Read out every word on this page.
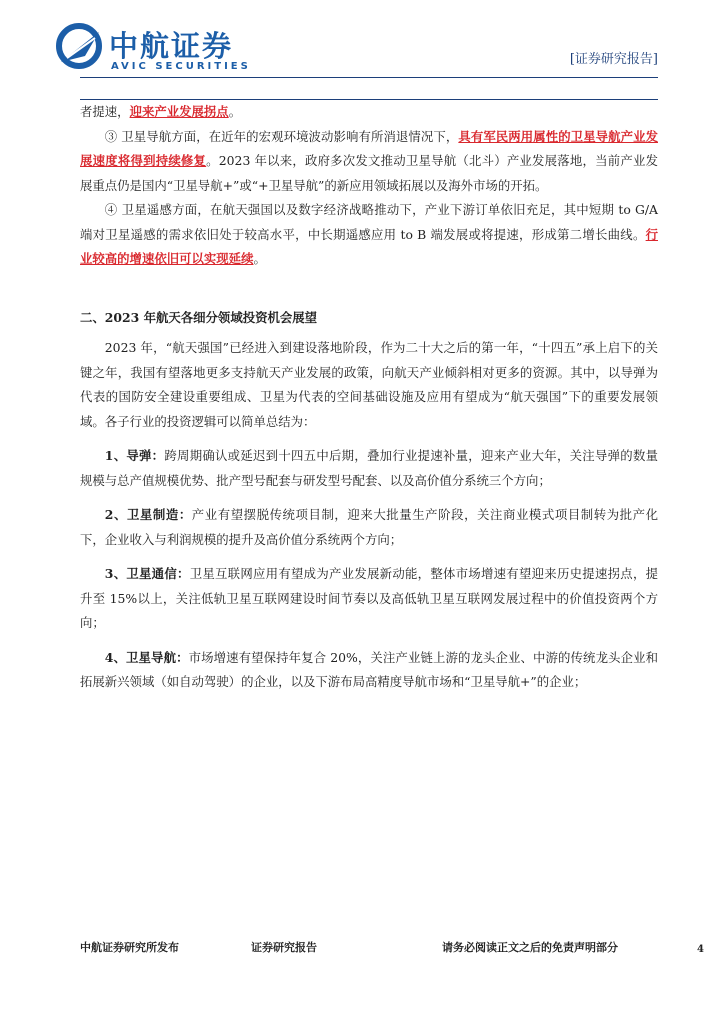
中航证券
AVIC SECURITIES	[证券研究报告]

者提速，迎来产业发展拐点。

③ 卫星导航方面，在近年的宏观环境波动影响有所消退情况下，具有军民两用属性的卫星导航产业发展速度将得到持续修复。2023 年以来，政府多次发文推动卫星导航（北斗）产业发展落地，当前产业发展重点仍是国内“卫星导航+”或“+卫星导航”的新应用领域拓展以及海外市场的开拓。

④ 卫星遥感方面，在航天强国以及数字经济战略推动下，产业下游订单依旧充足，其中短期 to G/A 端对卫星遥感的需求依旧处于较高水平，中长期遥感应用 to B 端发展或将提速，形成第二增长曲线。行业较高的增速依旧可以实现延续。

二、2023 年航天各细分领域投资机会展望

2023 年，“航天强国”已经进入到建设落地阶段，作为二十大之后的第一年，“十四五”承上启下的关键之年，我国有望落地更多支持航天产业发展的政策，向航天产业倾斜相对更多的资源。其中，以导弹为代表的国防安全建设重要组成、卫星为代表的空间基础设施及应用有望成为“航天强国”下的重要发展领域。各子行业的投资逻辑可以简单总结为：

1、导弹：跨周期确认或延迟到十四五中后期，叠加行业提速补量，迎来产业大年，关注导弹的数量规模与总产值规模优势、批产型号配套与研发型号配套、以及高价值分系统三个方向；

2、卫星制造：产业有望摆脱传统项目制，迎来大批量生产阶段，关注商业模式项目制转为批产化下，企业收入与利润规模的提升及高价值分系统两个方向；

3、卫星通信：卫星互联网应用有望成为产业发展新动能，整体市场增速有望迎来历史提速拐点，提升至 15%以上，关注低轨卫星互联网建设时间节奏以及高低轨卫星互联网发展过程中的价值投资两个方向；

4、卫星导航：市场增速有望保持年复合 20%，关注产业链上游的龙头企业、中游的传统龙头企业和拓展新兴领域（如自动驾驶）的企业，以及下游布局高精度导航市场和“卫星导航+”的企业；

中航证券研究所发布	证券研究报告	请务必阅读正文之后的免责声明部分	4
